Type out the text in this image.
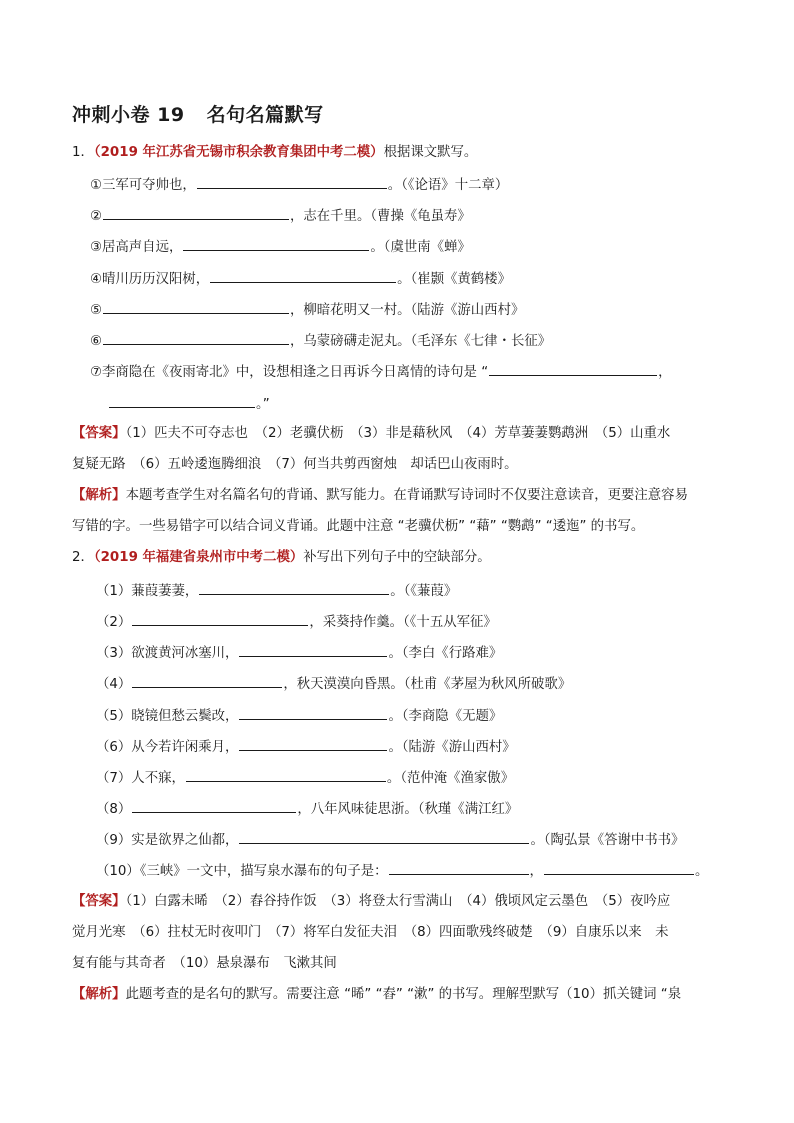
冲刺小卷 19 名句名篇默写
1．（2019 年江苏省无锡市积余教育集团中考二模）根据课文默写。
①三军可夺帅也，	。（《论语》十二章）
②	，志在千里。（曹操《龟虽寿》
③居高声自远，	。（虞世南《蝉》
④晴川历历汉阳树，	。（崔颢《黄鹤楼》
⑤	，柳暗花明又一村。（陆游《游山西村》
⑥	，乌蒙磅礴走泥丸。（毛泽东《七律・长征》
⑦李商隐在《夜雨寄北》中，设想相逢之日再诉今日离情的诗句是 “	，
。”
【答案】（1）匹夫不可夺志也　（2）老骥伏枥　（3）非是藉秋风　（4）芳草萋萋鹦鹉洲　（5）山重水
复疑无路　（6）五岭逶迤腾细浪　（7）何当共剪西窗烛　却话巴山夜雨时。
【解析】本题考查学生对名篇名句的背诵、默写能力。在背诵默写诗词时不仅要注意读音，更要注意容易
写错的字。一些易错字可以结合词义背诵。此题中注意 “老骥伏枥” “藉” “鹦鹉” “逶迤” 的书写。
2．（2019 年福建省泉州市中考二模）补写出下列句子中的空缺部分。
（1）蒹葭萋萋，	。（《蒹葭》
（2）	，采葵持作羹。（《十五从军征》
（3）欲渡黄河冰塞川，	。（李白《行路难》
（4）	，秋天漠漠向昏黑。（杜甫《茅屋为秋风所破歌》
（5）晓镜但愁云鬓改，	。（李商隐《无题》
（6）从今若许闲乘月，	。（陆游《游山西村》
（7）人不寐，	。（范仲淹《渔家傲》
（8）	，八年风味徒思浙。（秋瑾《满江红》
（9）实是欲界之仙都，	。（陶弘景《答谢中书书》
（10）《三峡》一文中，描写泉水瀑布的句子是：	，	。
【答案】（1）白露未晞　（2）舂谷持作饭　（3）将登太行雪满山　（4）俄顷风定云墨色　（5）夜吟应
觉月光寒　（6）拄杖无时夜叩门　（7）将军白发征夫泪　（8）四面歌残终破楚　（9）自康乐以来　未
复有能与其奇者　（10）悬泉瀑布　飞漱其间
【解析】此题考查的是名句的默写。需要注意 “晞” “舂” “漱” 的书写。理解型默写（10）抓关键词 “泉
